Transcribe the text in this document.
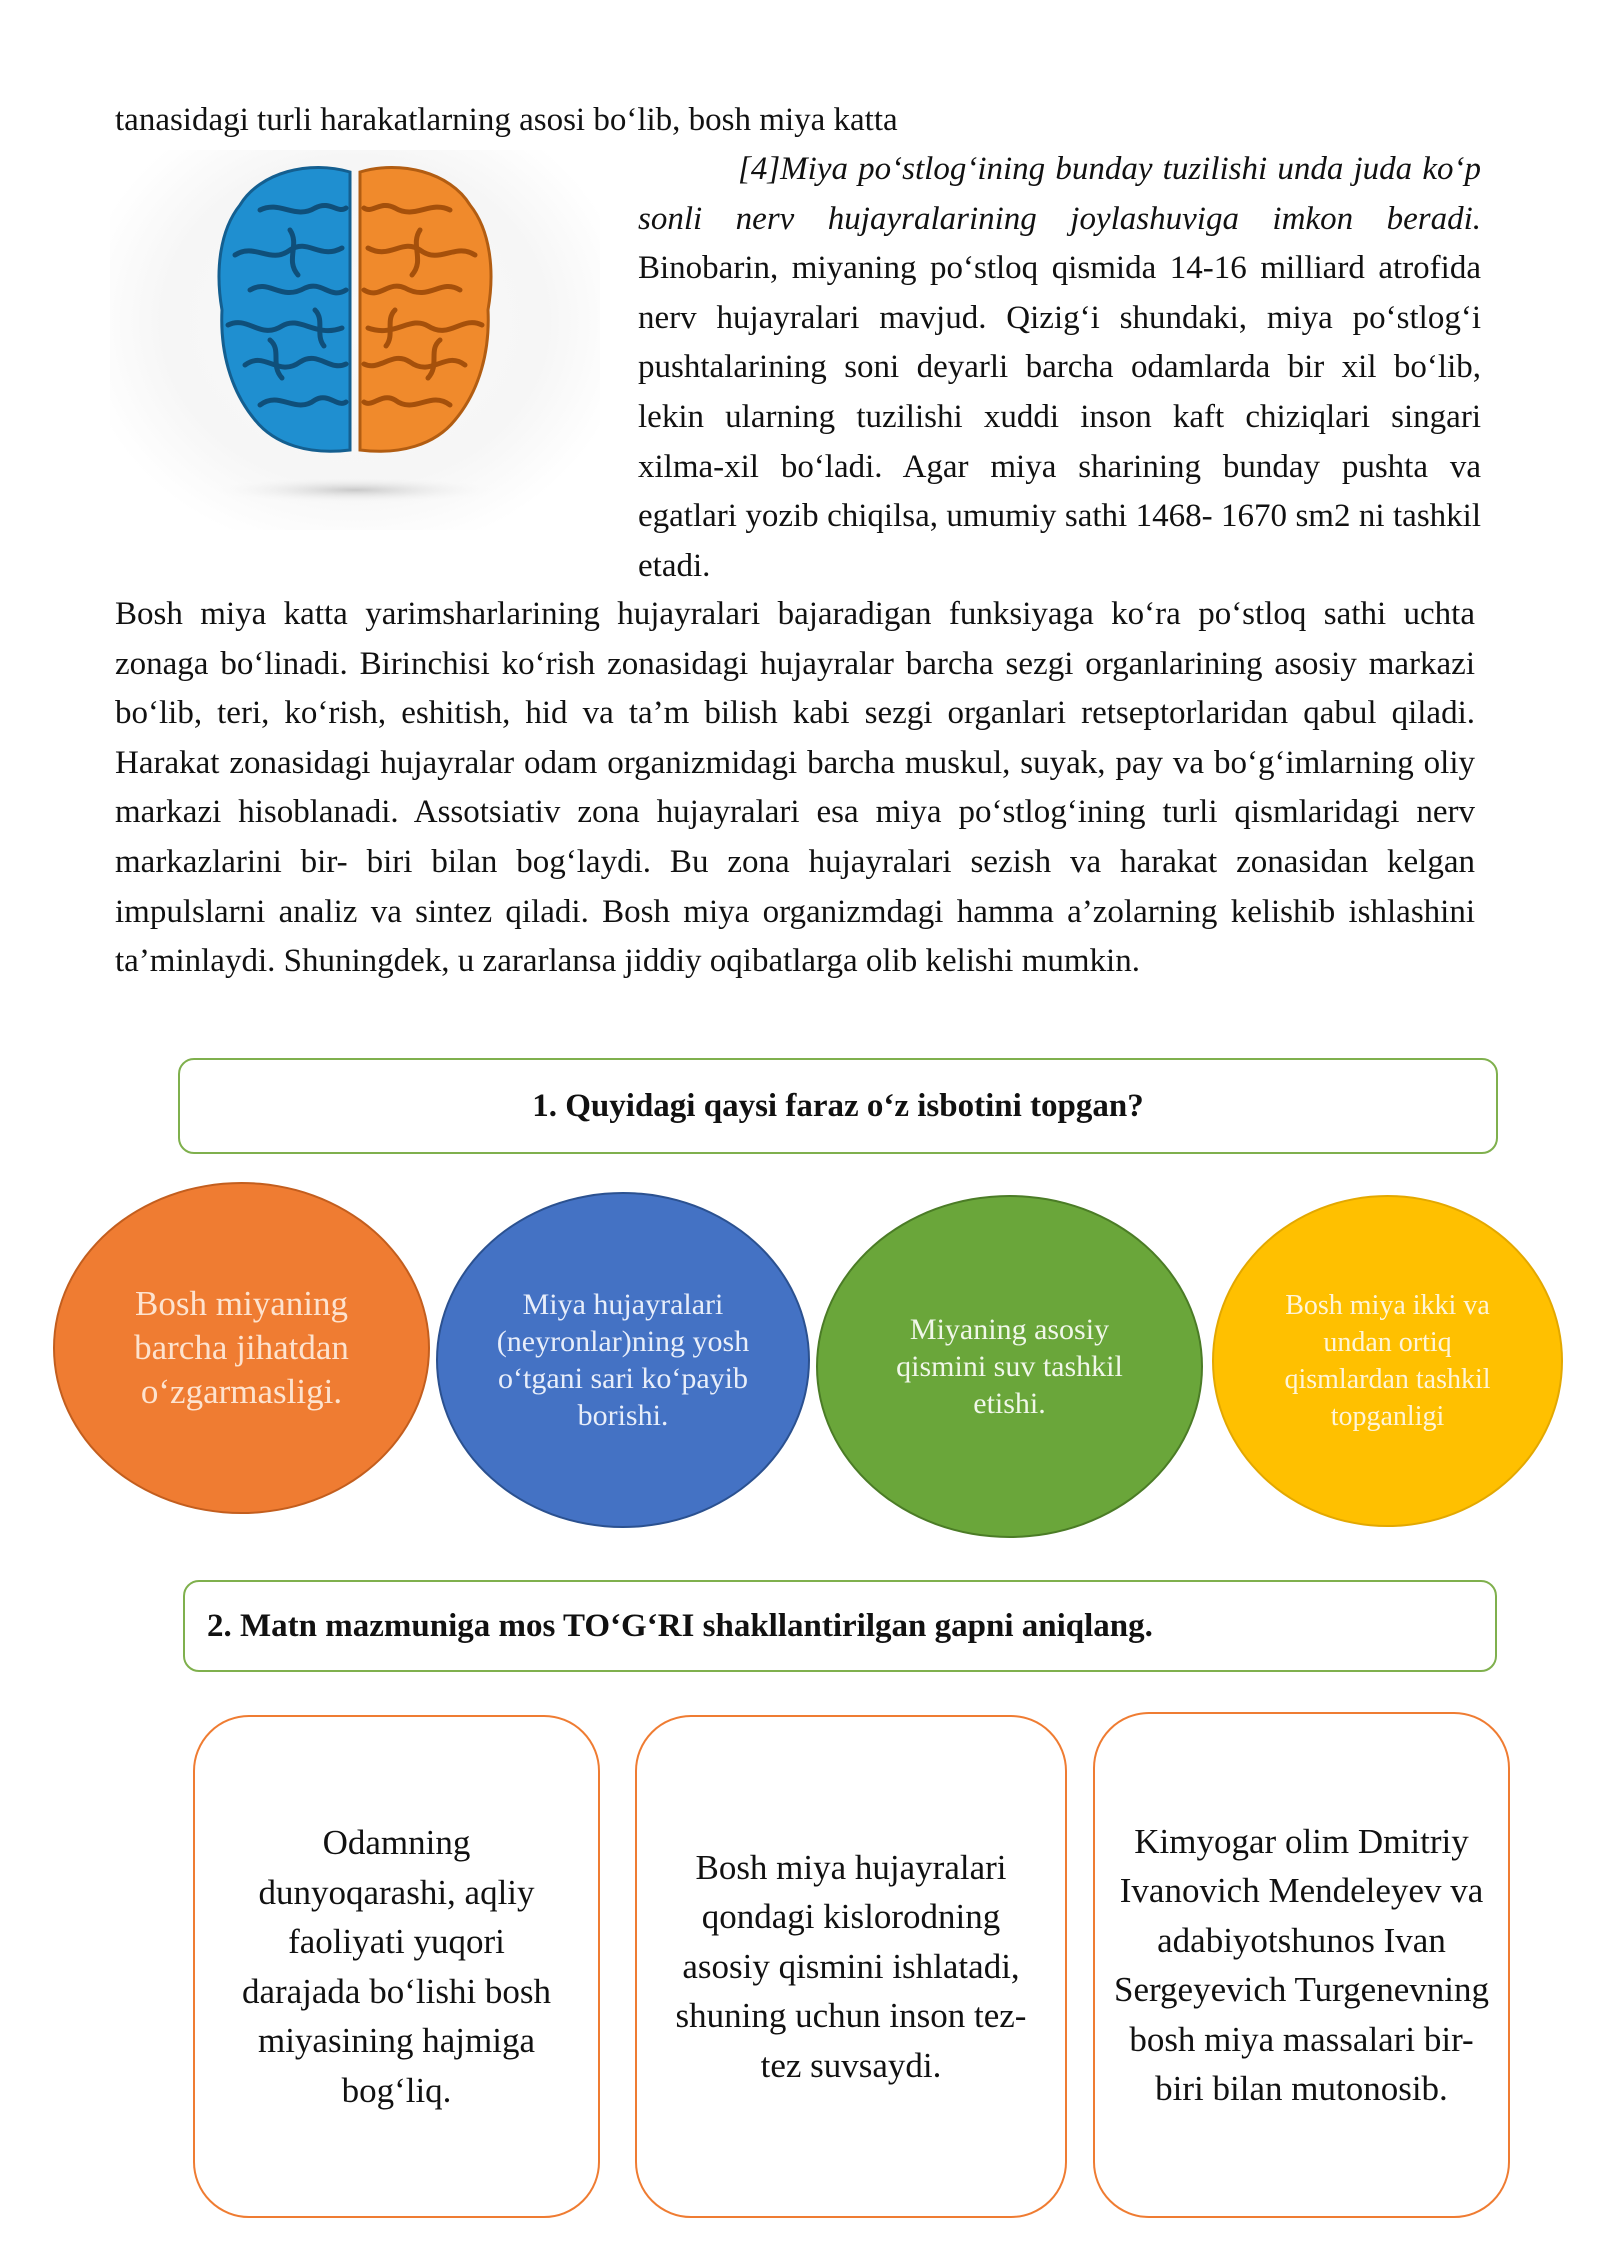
tanasidagi turli harakatlarning asosi bo‘lib, bosh miya katta

[4]Miya po‘stlog‘ining bunday tuzilishi unda juda ko‘p sonli nerv hujayralarining joylashuviga imkon beradi. Binobarin, miyaning po‘stloq qismida 14-16 milliard atrofida nerv hujayralari mavjud. Qizig‘i shundaki, miya po‘stlog‘i pushtalarining soni deyarli barcha odamlarda bir xil bo‘lib, lekin ularning tuzilishi xuddi inson kaft chiziqlari singari xilma-xil bo‘ladi. Agar miya sharining bunday pushta va egatlari yozib chiqilsa, umumiy sathi 1468- 1670 sm2 ni tashkil etadi.

Bosh miya katta yarimsharlarining hujayralari bajaradigan funksiyaga ko‘ra po‘stloq sathi uchta zonaga bo‘linadi. Birinchisi ko‘rish zonasidagi hujayralar barcha sezgi organlarining asosiy markazi bo‘lib, teri, ko‘rish, eshitish, hid va ta’m bilish kabi sezgi organlari retseptorlaridan qabul qiladi. Harakat zonasidagi hujayralar odam organizmidagi barcha muskul, suyak, pay va bo‘g‘imlarning oliy markazi hisoblanadi. Assotsiativ zona hujayralari esa miya po‘stlog‘ining turli qismlaridagi nerv markazlarini bir- biri bilan bog‘laydi. Bu zona hujayralari sezish va harakat zonasidan kelgan impulslarni analiz va sintez qiladi. Bosh miya organizmdagi hamma a’zolarning kelishib ishlashini ta’minlaydi. Shuningdek, u zararlansa jiddiy oqibatlarga olib kelishi mumkin.

1. Quyidagi qaysi faraz o‘z isbotini topgan?
Bosh miyaning barcha jihatdan o‘zgarmasligi.
Miya hujayralari (neyronlar)ning yosh o‘tgani sari ko‘payib borishi.
Miyaning asosiy qismini suv tashkil etishi.
Bosh miya ikki va undan ortiq qismlardan tashkil topganligi
2. Matn mazmuniga mos TO‘G‘RI shakllantirilgan gapni aniqlang.
Odamning dunyoqarashi, aqliy faoliyati yuqori darajada bo‘lishi bosh miyasining hajmiga bog‘liq.
Bosh miya hujayralari qondagi kislorodning asosiy qismini ishlatadi, shuning uchun inson tez-tez suvsaydi.
Kimyogar olim Dmitriy Ivanovich Mendeleyev va adabiyotshunos Ivan Sergeyevich Turgenevning bosh miya massalari bir-biri bilan mutonosib.
